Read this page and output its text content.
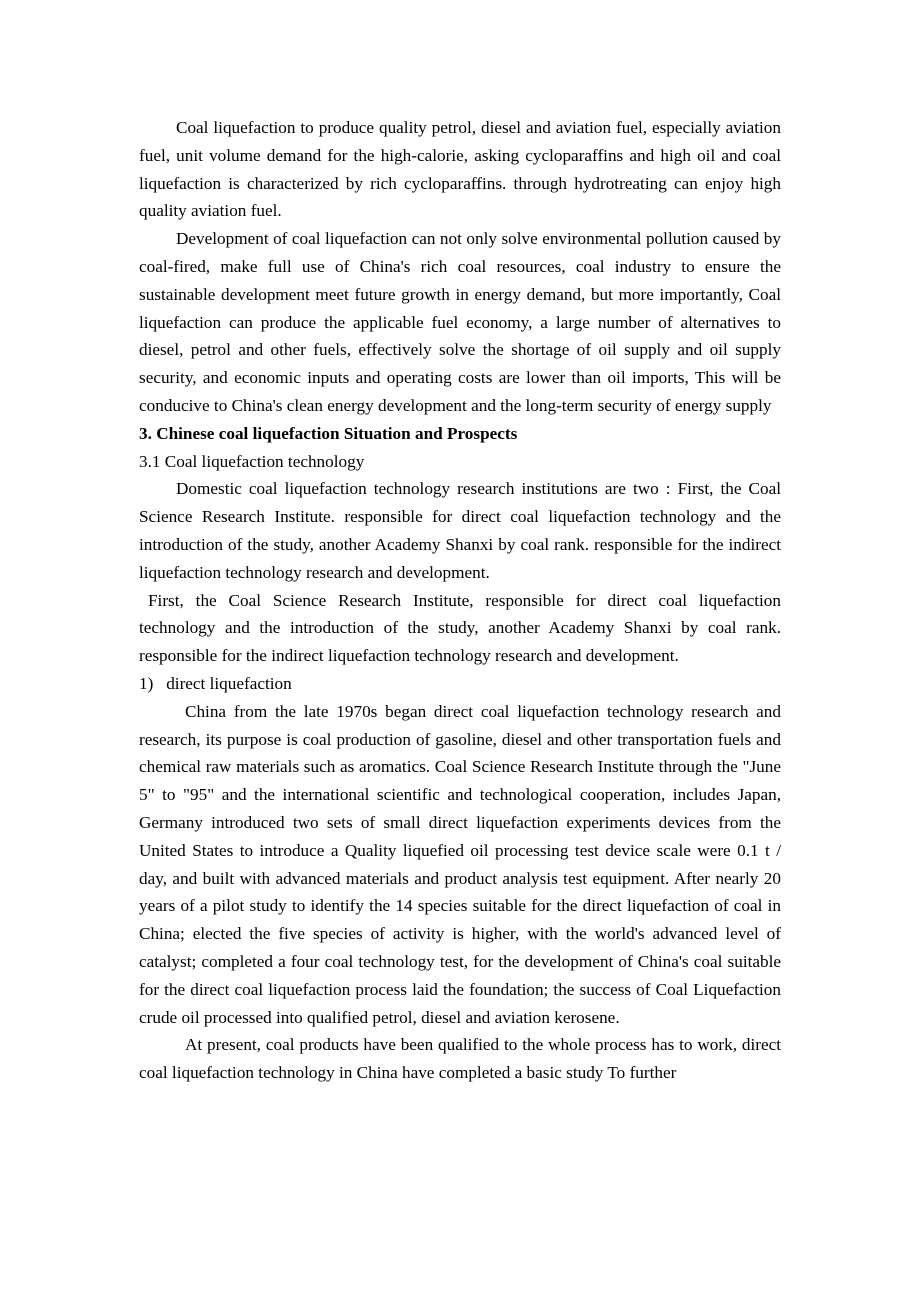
Coal liquefaction to produce quality petrol, diesel and aviation fuel, especially aviation fuel, unit volume demand for the high-calorie, asking cycloparaffins and high oil and coal liquefaction is characterized by rich cycloparaffins. through hydrotreating can enjoy high quality aviation fuel.

Development of coal liquefaction can not only solve environmental pollution caused by coal-fired, make full use of China's rich coal resources, coal industry to ensure the sustainable development meet future growth in energy demand, but more importantly, Coal liquefaction can produce the applicable fuel economy, a large number of alternatives to diesel, petrol and other fuels, effectively solve the shortage of oil supply and oil supply security, and economic inputs and operating costs are lower than oil imports, This will be conducive to China's clean energy development and the long-term security of energy supply

3. Chinese coal liquefaction Situation and Prospects

3.1 Coal liquefaction technology

Domestic coal liquefaction technology research institutions are two : First, the Coal Science Research Institute. responsible for direct coal liquefaction technology and the introduction of the study, another Academy Shanxi by coal rank. responsible for the indirect liquefaction technology research and development.

First, the Coal Science Research Institute, responsible for direct coal liquefaction technology and the introduction of the study, another Academy Shanxi by coal rank. responsible for the indirect liquefaction technology research and development.

1)   direct liquefaction

China from the late 1970s began direct coal liquefaction technology research and research, its purpose is coal production of gasoline, diesel and other transportation fuels and chemical raw materials such as aromatics. Coal Science Research Institute through the "June 5" to "95" and the international scientific and technological cooperation, includes Japan, Germany introduced two sets of small direct liquefaction experiments devices from the United States to introduce a Quality liquefied oil processing test device scale were 0.1 t / day, and built with advanced materials and product analysis test equipment. After nearly 20 years of a pilot study to identify the 14 species suitable for the direct liquefaction of coal in China; elected the five species of activity is higher, with the world's advanced level of catalyst; completed a four coal technology test, for the development of China's coal suitable for the direct coal liquefaction process laid the foundation; the success of Coal Liquefaction crude oil processed into qualified petrol, diesel and aviation kerosene.

At present, coal products have been qualified to the whole process has to work, direct coal liquefaction technology in China have completed a basic study To further
